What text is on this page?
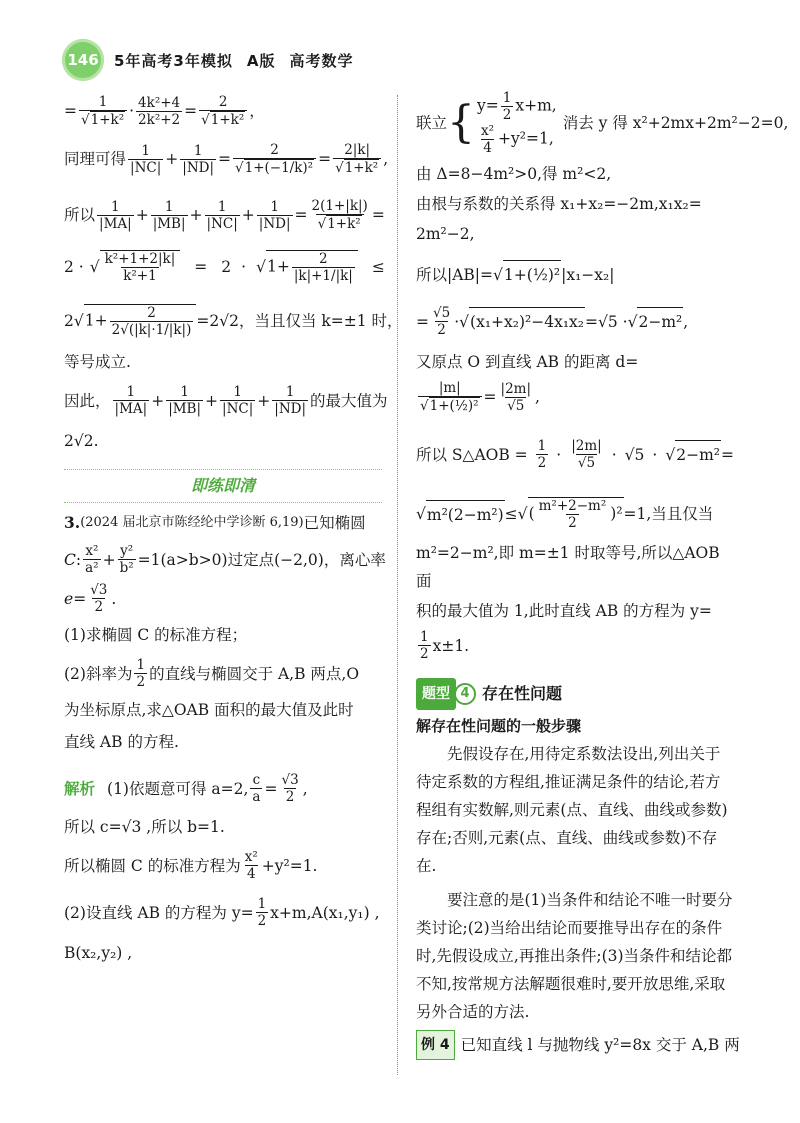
146	5年高考3年模拟 A版 高考数学
= 1
√ $1+k^2 \cdot \frac{\text{4k²+4}}{\text{2k²+2}} = 2$
√ 1+k² ，
同理可得 $\frac{1}{|NC|} + \frac{1}{|ND|} = 2$
√ 1+(−1/k)² = 2|k|
√ 1+k² ,
所以 $\frac{1}{|MA|} + \frac{1}{|MB|} + \frac{1}{|NC|} + \frac{1}{|ND|} = 2(1+|k|)$
√ 1+k² =
2 · √ $\frac{\text{k²+1+2|k|}}{\text{k²+1}} = 2$ · √ $1+ \frac{2}{|k|+1/|k|}$ ≤
2 √ $1+ \frac{2}{2√(|k|\cdot 1/|k|)} =2√2$ ，当且仅当 k=±1 时，

等号成立.

因此， $\frac{1}{|MA|} + \frac{1}{|MB|} + \frac{1}{|NC|} + \frac{1}{|ND|}$ 的最大值为

2√2.

即练即清
3. (2024 届北京市陈经纶中学诊断 6,19) 已知椭圆
C : $\frac{\text{x²}}{\text{a²}} + \frac{\text{y²}}{\text{b²}} =1(a>b>0)$ 过定点(−2,0)，离心率
$e = \frac{√3}{2}$ .

(1)求椭圆 C 的标准方程；

(2)斜率为 $\frac{1}{2}$ 的直线与椭圆交于 A,B 两点,O

为坐标原点,求△OAB 面积的最大值及此时

直线 AB 的方程.

解析 (1)依题意可得 a=2, $\frac{c}{a} = \frac{√3}{2}$ ,

所以 c=√3 ,所以 b=1.

所以椭圆 C 的标准方程为 $\frac{\text{x²}}{4} +y^2=1$.
(2)设直线 AB 的方程为 $y= \frac{1}{2} x+m,A(x_1,y_1)$ ,

B(x₂,y₂) ,

联立 { $y= \frac{1}{2} x+m$,
$\frac{\text{x²}}{4} +y^2=1$,
消去 y 得 x²+2mx+2m²−2=0,

由 Δ=8−4m²>0,得 m²<2,

由根与系数的关系得 x₁+x₂=−2m,x₁x₂=

2m²−2,

所以|AB|= √ 1+(½)² |x₁−x₂|
= $\frac{√5}{2}$ · √ (x₁+x₂)²−4x₁x₂ =√5 · √ 2−m² ,

又原点 O 到直线 AB 的距离 d=

|m|
√ 1+(½)² = $\frac{|2m|}{√5}$ ,
所以 S△AOB = $\frac{1}{2} \cdot \frac{|2m|}{√5} \cdot √5$ · √ 2−m² =
√
m²(2−m²) ≤ √ ( $\frac{\text{m²+2−m²}}{2} )^2 =1$,当且仅当

m²=2−m²,即 m=±1 时取等号,所以△AOB 面

积的最大值为 1,此时直线 AB 的方程为 y=

$\frac{1}{2} x\pm 1$.
题型 4 存在性问题

解存在性问题的一般步骤

先假设存在,用待定系数法设出,列出关于待定系数的方程组,推证满足条件的结论,若方程组有实数解,则元素(点、直线、曲线或参数)存在;否则,元素(点、直线、曲线或参数)不存在.

要注意的是(1)当条件和结论不唯一时要分类讨论;(2)当给出结论而要推导出存在的条件时,先假设成立,再推出条件;(3)当条件和结论都不知,按常规方法解题很难时,要开放思维,采取另外合适的方法.

例 4 已知直线 l 与抛物线 y²=8x 交于 A,B 两
